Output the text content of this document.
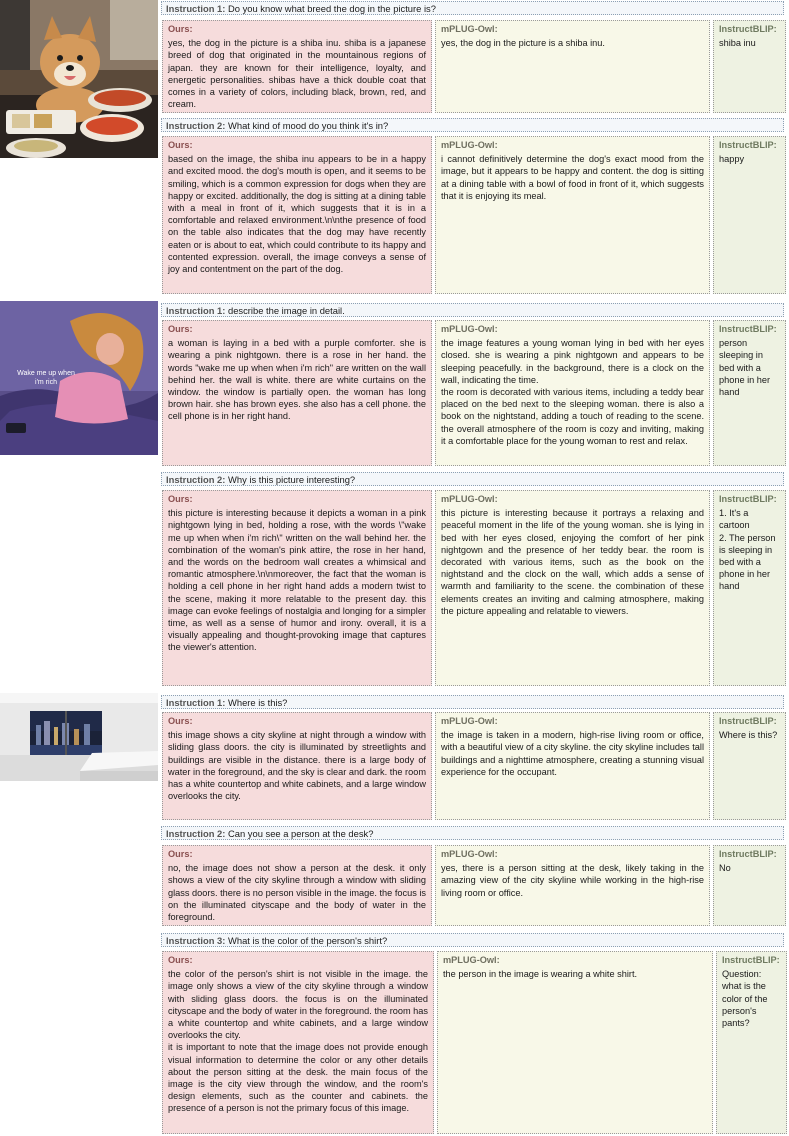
Instruction 1: Do you know what breed the dog in the picture is?
Ours:
yes, the dog in the picture is a shiba inu. shiba is a japanese breed of dog that originated in the mountainous regions of japan. they are known for their intelligence, loyalty, and energetic personalities. shibas have a thick double coat that comes in a variety of colors, including black, brown, red, and cream.
mPLUG-Owl:
yes, the dog in the picture is a shiba inu.
InstructBLIP:
shiba inu
Instruction 2: What kind of mood do you think it's in?
Ours:
based on the image, the shiba inu appears to be in a happy and excited mood. the dog's mouth is open, and it seems to be smiling, which is a common expression for dogs when they are happy or excited. additionally, the dog is sitting at a dining table with a meal in front of it, which suggests that it is in a comfortable and relaxed environment.\n\nthe presence of food on the table also indicates that the dog may have recently eaten or is about to eat, which could contribute to its happy and contented expression. overall, the image conveys a sense of joy and contentment on the part of the dog.
mPLUG-Owl:
i cannot definitively determine the dog's exact mood from the image, but it appears to be happy and content. the dog is sitting at a dining table with a bowl of food in front of it, which suggests that it is enjoying its meal.
InstructBLIP:
happy
Wake me up when
i'm rich
Instruction 1: describe the image in detail.
Ours:
a woman is laying in a bed with a purple comforter. she is wearing a pink nightgown. there is a rose in her hand. the words "wake me up when when i'm rich" are written on the wall behind her. the wall is white. there are white curtains on the window. the window is partially open. the woman has long brown hair. she has brown eyes. she also has a cell phone. the cell phone is in her right hand.
mPLUG-Owl:
the image features a young woman lying in bed with her eyes closed. she is wearing a pink nightgown and appears to be sleeping peacefully. in the background, there is a clock on the wall, indicating the time.
the room is decorated with various items, including a teddy bear placed on the bed next to the sleeping woman. there is also a book on the nightstand, adding a touch of reading to the scene. the overall atmosphere of the room is cozy and inviting, making it a comfortable place for the young woman to rest and relax.
InstructBLIP:
person sleeping in bed with a phone in her hand
Instruction 2: Why is this picture interesting?
Ours:
this picture is interesting because it depicts a woman in a pink nightgown lying in bed, holding a rose, with the words \"wake me up when when i'm rich\" written on the wall behind her. the combination of the woman's pink attire, the rose in her hand, and the words on the bedroom wall creates a whimsical and romantic atmosphere.\n\nmoreover, the fact that the woman is holding a cell phone in her right hand adds a modern twist to the scene, making it more relatable to the present day. this image can evoke feelings of nostalgia and longing for a simpler time, as well as a sense of humor and irony. overall, it is a visually appealing and thought-provoking image that captures the viewer's attention.
mPLUG-Owl:
this picture is interesting because it portrays a relaxing and peaceful moment in the life of the young woman. she is lying in bed with her eyes closed, enjoying the comfort of her pink nightgown and the presence of her teddy bear. the room is decorated with various items, such as the book on the nightstand and the clock on the wall, which adds a sense of warmth and familiarity to the scene. the combination of these elements creates an inviting and calming atmosphere, making the picture appealing and relatable to viewers.
InstructBLIP:
1. It's a cartoon
2. The person is sleeping in bed with a phone in her hand
Instruction 1: Where is this?
Ours:
this image shows a city skyline at night through a window with sliding glass doors. the city is illuminated by streetlights and buildings are visible in the distance. there is a large body of water in the foreground, and the sky is clear and dark. the room has a white countertop and white cabinets, and a large window overlooks the city.
mPLUG-Owl:
the image is taken in a modern, high-rise living room or office, with a beautiful view of a city skyline. the city skyline includes tall buildings and a nighttime atmosphere, creating a stunning visual experience for the occupant.
InstructBLIP:
Where is this?
Instruction 2: Can you see a person at the desk?
Ours:
no, the image does not show a person at the desk. it only shows a view of the city skyline through a window with sliding glass doors. there is no person visible in the image. the focus is on the illuminated cityscape and the body of water in the foreground.
mPLUG-Owl:
yes, there is a person sitting at the desk, likely taking in the amazing view of the city skyline while working in the high-rise living room or office.
InstructBLIP:
No
Instruction 3: What is the color of the person's shirt?
Ours:
the color of the person's shirt is not visible in the image. the image only shows a view of the city skyline through a window with sliding glass doors. the focus is on the illuminated cityscape and the body of water in the foreground. the room has a white countertop and white cabinets, and a large window overlooks the city.
it is important to note that the image does not provide enough visual information to determine the color or any other details about the person sitting at the desk. the main focus of the image is the city view through the window, and the room's design elements, such as the counter and cabinets. the presence of a person is not the primary focus of this image.
mPLUG-Owl:
the person in the image is wearing a white shirt.
InstructBLIP:
Question: what is the color of the person's pants?
